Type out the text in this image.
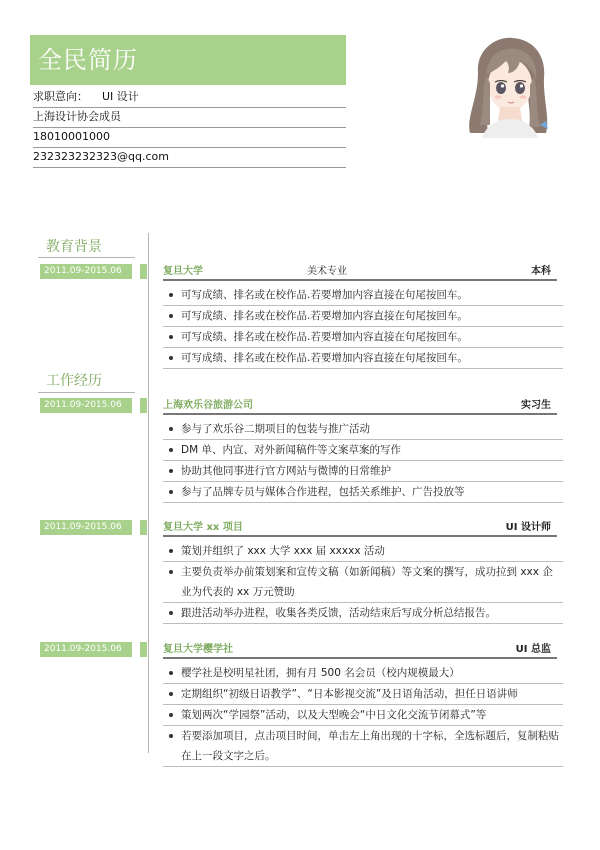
全民简历
求职意向： UI 设计
上海设计协会成员
18010001000
232323232323@qq.com
教育背景
2011.09-2015.06	复旦大学	美术专业	本科
可写成绩、排名或在校作品.若要增加内容直接在句尾按回车。
可写成绩、排名或在校作品.若要增加内容直接在句尾按回车。
可写成绩、排名或在校作品.若要增加内容直接在句尾按回车。
可写成绩、排名或在校作品.若要增加内容直接在句尾按回车。
工作经历
2011.09-2015.06	上海欢乐谷旅游公司	实习生
参与了欢乐谷二期项目的包装与推广活动
DM 单、内宣、对外新闻稿件等文案草案的写作
协助其他同事进行官方网站与微博的日常维护
参与了品牌专员与媒体合作进程，包括关系维护、广告投放等
2011.09-2015.06	复旦大学 xx 项目	UI 设计师
策划并组织了 xxx 大学 xxx 届 xxxxx 活动
主要负责举办前策划案和宣传文稿（如新闻稿）等文案的撰写，成功拉到 xxx 企业为代表的 xx 万元赞助
跟进活动举办进程，收集各类反馈，活动结束后写成分析总结报告。
2011.09-2015.06	复旦大学樱学社	UI 总监
樱学社是校明星社团，拥有月 500 名会员（校内规模最大）
定期组织“初级日语教学”、“日本影视交流”及日语角活动，担任日语讲师
策划两次“学园祭”活动，以及大型晚会“中日文化交流节闭幕式”等
若要添加项目，点击项目时间，单击左上角出现的十字标，全选标题后，复制粘贴在上一段文字之后。
